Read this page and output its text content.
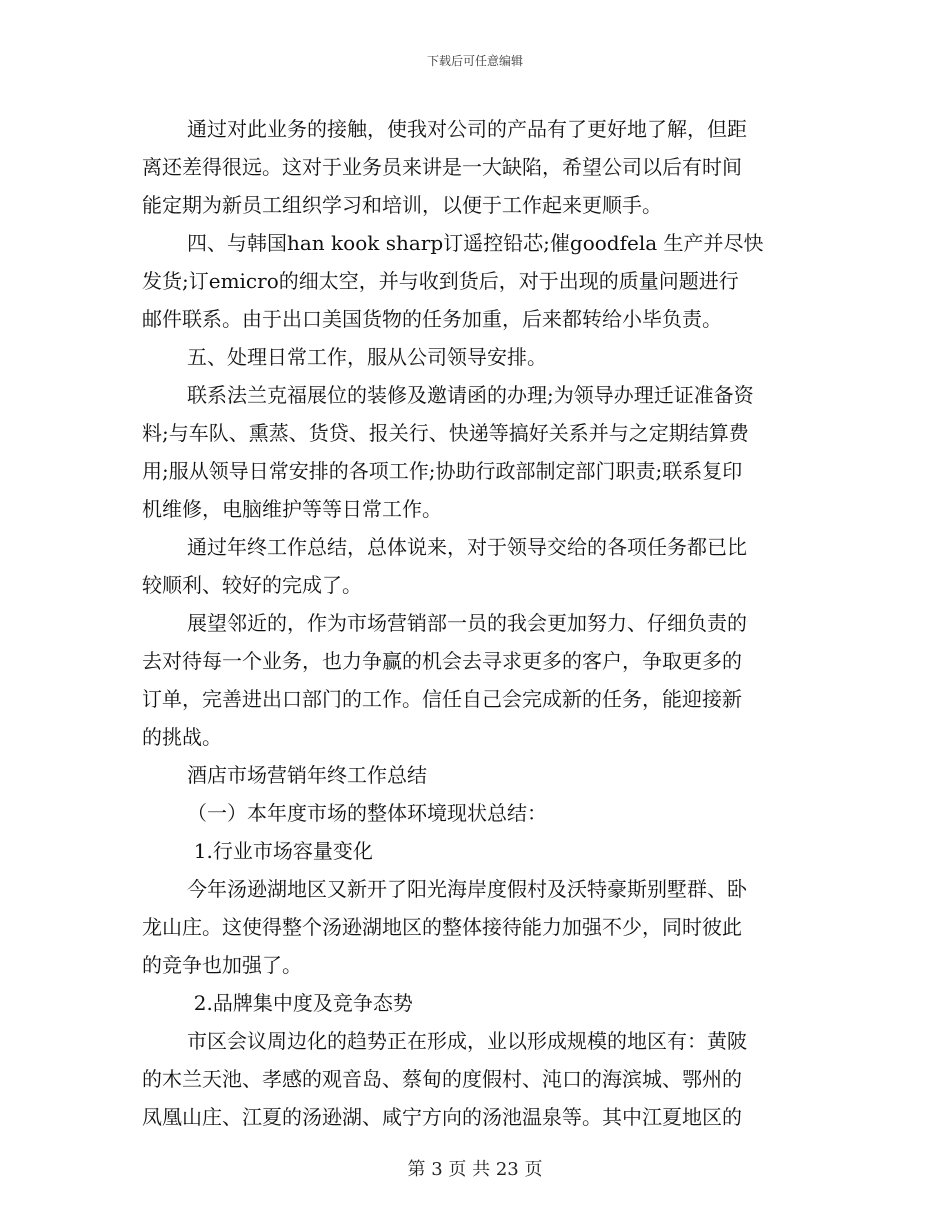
下载后可任意编辑
通过对此业务的接触，使我对公司的产品有了更好地了解，但距
离还差得很远。这对于业务员来讲是一大缺陷，希望公司以后有时间
能定期为新员工组织学习和培训，以便于工作起来更顺手。
四、与韩国han kook sharp订遥控铅芯;催goodfela 生产并尽快
发货;订emicro的细太空，并与收到货后，对于出现的质量问题进行
邮件联系。由于出口美国货物的任务加重，后来都转给小毕负责。
五、处理日常工作，服从公司领导安排。
联系法兰克福展位的装修及邀请函的办理;为领导办理迁证准备资
料;与车队、熏蒸、货贷、报关行、快递等搞好关系并与之定期结算费
用;服从领导日常安排的各项工作;协助行政部制定部门职责;联系复印
机维修，电脑维护等等日常工作。
通过年终工作总结，总体说来，对于领导交给的各项任务都已比
较顺利、较好的完成了。
展望邻近的，作为市场营销部一员的我会更加努力、仔细负责的
去对待每一个业务，也力争赢的机会去寻求更多的客户，争取更多的
订单，完善进出口部门的工作。信任自己会完成新的任务，能迎接新
的挑战。
酒店市场营销年终工作总结
（一）本年度市场的整体环境现状总结：
1.行业市场容量变化
今年汤逊湖地区又新开了阳光海岸度假村及沃特豪斯别墅群、卧
龙山庄。这使得整个汤逊湖地区的整体接待能力加强不少，同时彼此
的竞争也加强了。
2.品牌集中度及竞争态势
市区会议周边化的趋势正在形成，业以形成规模的地区有：黄陂
的木兰天池、孝感的观音岛、蔡甸的度假村、沌口的海滨城、鄂州的
凤凰山庄、江夏的汤逊湖、咸宁方向的汤池温泉等。其中江夏地区的
第 3 页 共 23 页
